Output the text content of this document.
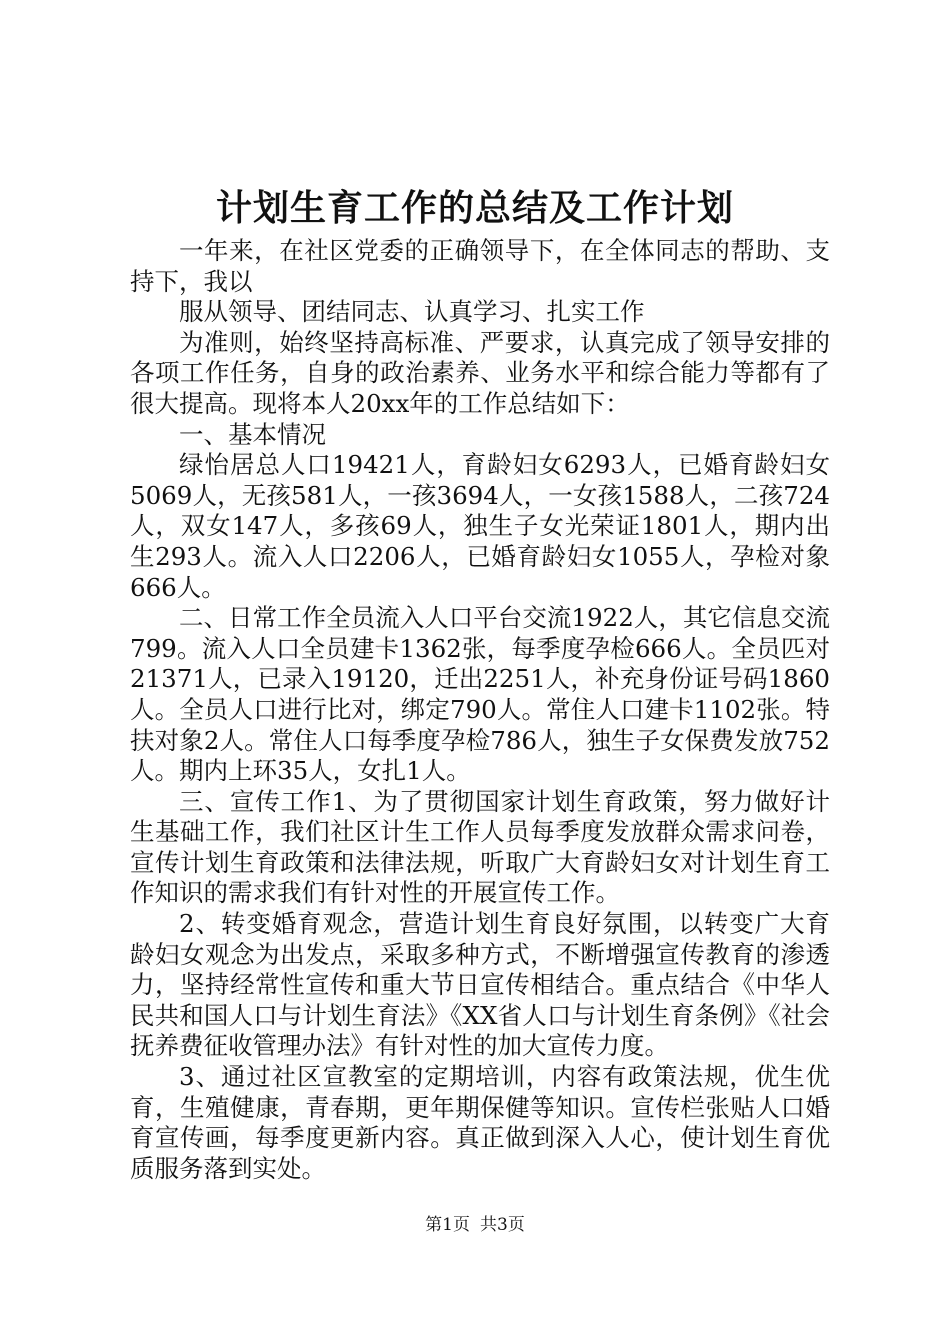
计划生育工作的总结及工作计划

一年来，在社区党委的正确领导下，在全体同志的帮助、支持下，我以

服从领导、团结同志、认真学习、扎实工作

为准则，始终坚持高标准、严要求，认真完成了领导安排的各项工作任务，自身的政治素养、业务水平和综合能力等都有了很大提高。现将本人20xx年的工作总结如下：

一、基本情况

绿怡居总人口19421人，育龄妇女6293人，已婚育龄妇女5069人，无孩581人，一孩3694人，一女孩1588人，二孩724人，双女147人，多孩69人，独生子女光荣证1801人，期内出生293人。流入人口2206人，已婚育龄妇女1055人，孕检对象666人。

二、日常工作全员流入人口平台交流1922人，其它信息交流799。流入人口全员建卡1362张，每季度孕检666人。全员匹对21371人，已录入19120，迁出2251人，补充身份证号码1860人。全员人口进行比对，绑定790人。常住人口建卡1102张。特扶对象2人。常住人口每季度孕检786人，独生子女保费发放752人。期内上环35人，女扎1人。

三、宣传工作1、为了贯彻国家计划生育政策，努力做好计生基础工作，我们社区计生工作人员每季度发放群众需求问卷，宣传计划生育政策和法律法规，听取广大育龄妇女对计划生育工作知识的需求我们有针对性的开展宣传工作。

2、转变婚育观念，营造计划生育良好氛围，以转变广大育龄妇女观念为出发点，采取多种方式，不断增强宣传教育的渗透力，坚持经常性宣传和重大节日宣传相结合。重点结合《中华人民共和国人口与计划生育法》《XX省人口与计划生育条例》《社会抚养费征收管理办法》有针对性的加大宣传力度。

3、通过社区宣教室的定期培训，内容有政策法规，优生优育，生殖健康，青春期，更年期保健等知识。宣传栏张贴人口婚育宣传画，每季度更新内容。真正做到深入人心，使计划生育优质服务落到实处。

第1页 共3页
